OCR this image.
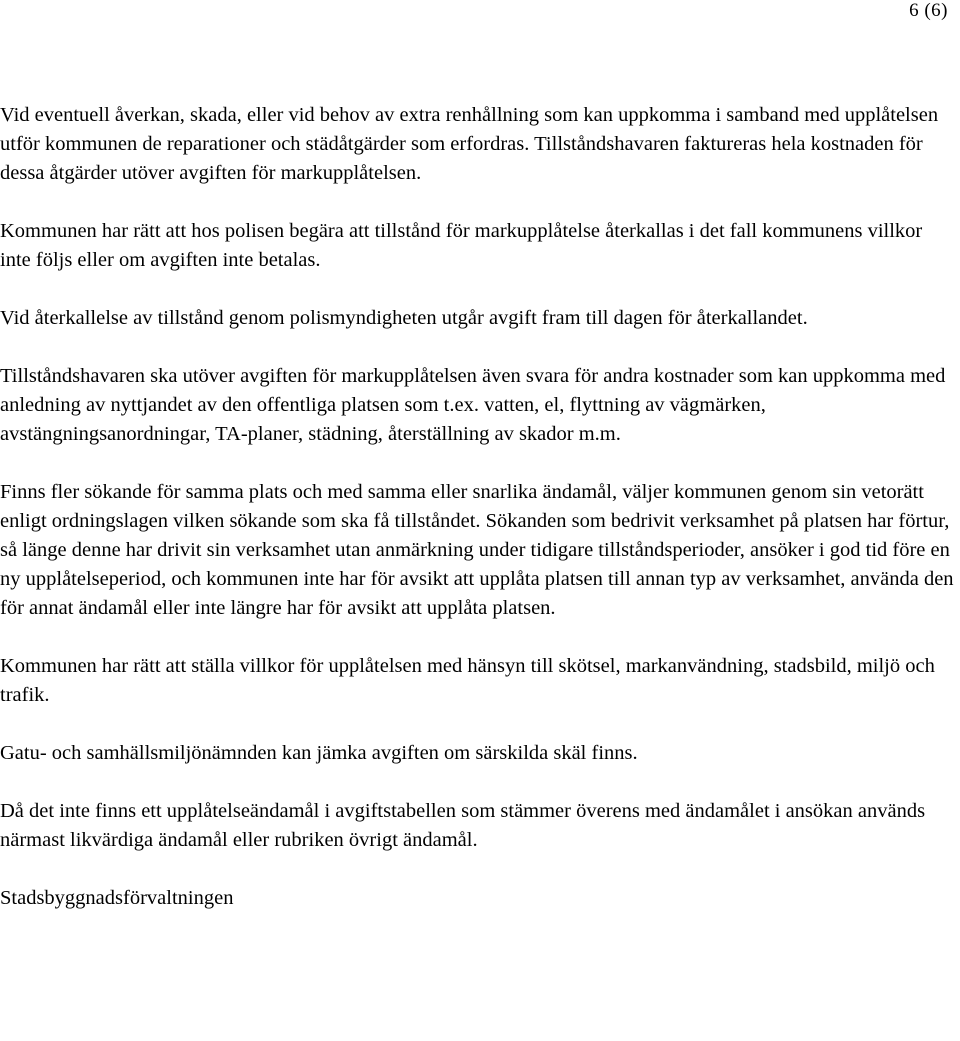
6 (6)

Vid eventuell åverkan, skada, eller vid behov av extra renhållning som kan uppkomma i samband med upplåtelsen utför kommunen de reparationer och städåtgärder som erfordras. Tillståndshavaren faktureras hela kostnaden för dessa åtgärder utöver avgiften för markupplåtelsen.

Kommunen har rätt att hos polisen begära att tillstånd för markupplåtelse återkallas i det fall kommunens villkor inte följs eller om avgiften inte betalas.

Vid återkallelse av tillstånd genom polismyndigheten utgår avgift fram till dagen för återkallandet.

Tillståndshavaren ska utöver avgiften för markupplåtelsen även svara för andra kostnader som kan uppkomma med anledning av nyttjandet av den offentliga platsen som t.ex. vatten, el, flyttning av vägmärken, avstängningsanordningar, TA-planer, städning, återställning av skador m.m.

Finns fler sökande för samma plats och med samma eller snarlika ändamål, väljer kommunen genom sin vetorätt enligt ordningslagen vilken sökande som ska få tillståndet. Sökanden som bedrivit verksamhet på platsen har förtur, så länge denne har drivit sin verksamhet utan anmärkning under tidigare tillståndsperioder, ansöker i god tid före en ny upplåtelseperiod, och kommunen inte har för avsikt att upplåta platsen till annan typ av verksamhet, använda den för annat ändamål eller inte längre har för avsikt att upplåta platsen.

Kommunen har rätt att ställa villkor för upplåtelsen med hänsyn till skötsel, markanvändning, stadsbild, miljö och trafik.

Gatu- och samhällsmiljönämnden kan jämka avgiften om särskilda skäl finns.

Då det inte finns ett upplåtelseändamål i avgiftstabellen som stämmer överens med ändamålet i ansökan används närmast likvärdiga ändamål eller rubriken övrigt ändamål.

Stadsbyggnadsförvaltningen
